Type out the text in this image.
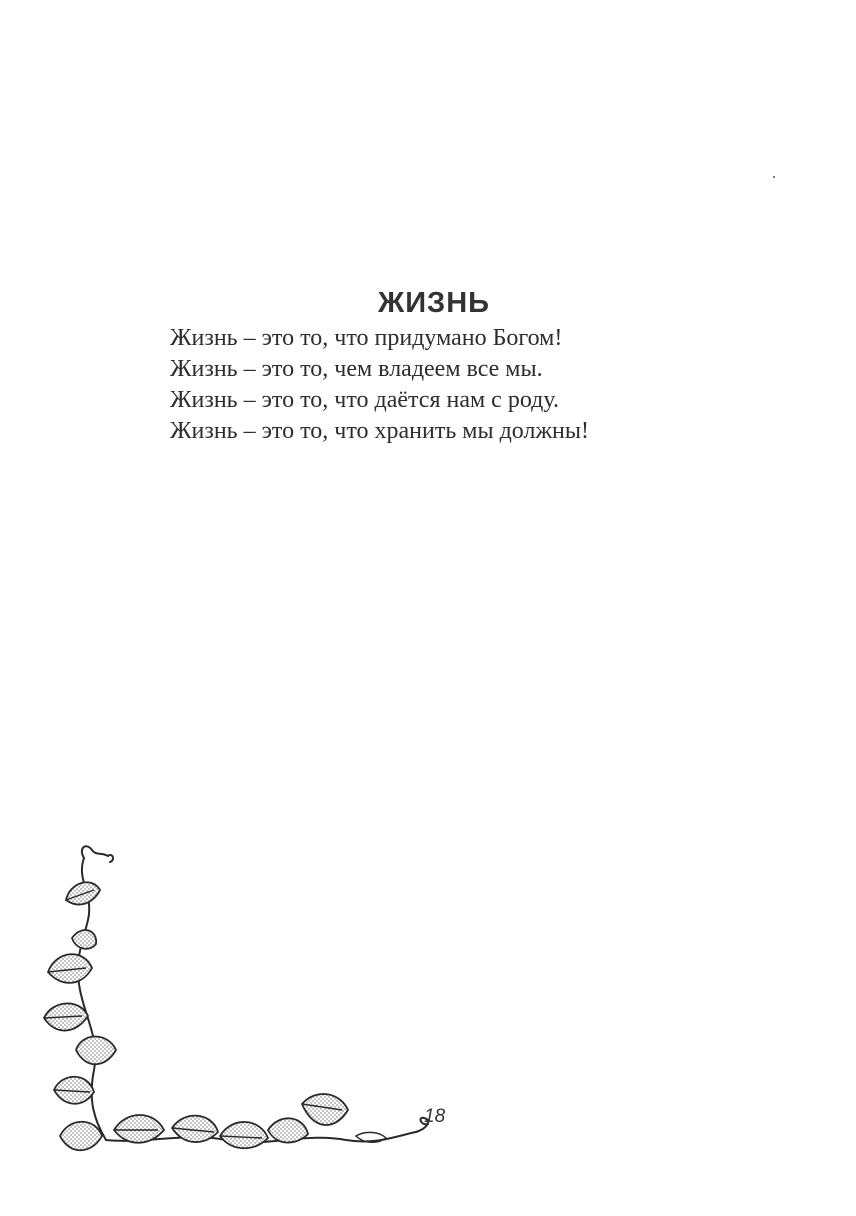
ЖИЗНЬ
Жизнь – это то, что придумано Богом!
Жизнь – это то, чем владеем все мы.
Жизнь – это то, что даётся нам с роду.
Жизнь – это то, что хранить мы должны!
18
